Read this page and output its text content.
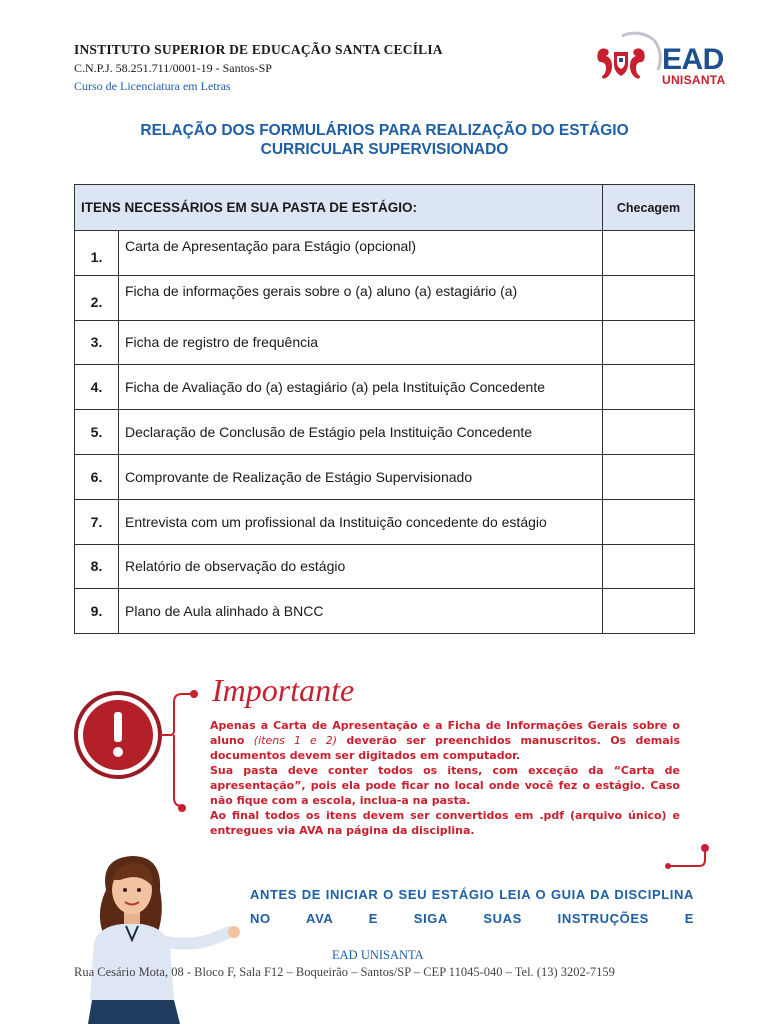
INSTITUTO SUPERIOR DE EDUCAÇÃO SANTA CECÍLIA
C.N.P.J. 58.251.711/0001-19 - Santos-SP
Curso de Licenciatura em Letras
EAD
UNISANTA
RELAÇÃO DOS FORMULÁRIOS PARA REALIZAÇÃO DO ESTÁGIO
CURRICULAR SUPERVISIONADO
ITENS NECESSÁRIOS EM SUA PASTA DE ESTÁGIO:		Checagem
1.	Carta de Apresentação para Estágio (opcional)	
2.	Ficha de informações gerais sobre o (a) aluno (a) estagiário (a)	
3.	Ficha de registro de frequência	
4.	Ficha de Avaliação do (a) estagiário (a) pela Instituição Concedente	
5.	Declaração de Conclusão de Estágio pela Instituição Concedente	
6.	Comprovante de Realização de Estágio Supervisionado	
7.	Entrevista com um profissional da Instituição concedente do estágio	
8.	Relatório de observação do estágio	
9.	Plano de Aula alinhado à BNCC	
Importante
Apenas a Carta de Apresentação e a Ficha de Informações Gerais sobre o aluno (itens 1 e 2) deverão ser preenchidos manuscritos. Os demais documentos devem ser digitados em computador.
Sua pasta deve conter todos os itens, com exceção da “Carta de apresentação”, pois ela pode ficar no local onde você fez o estágio. Caso não fique com a escola, inclua-a na pasta.
Ao final todos os itens devem ser convertidos em .pdf (arquivo único) e entregues via AVA na página da disciplina.
ANTES DE INICIAR O SEU ESTÁGIO LEIA O GUIA DA DISCIPLINA NO AVA E SIGA SUAS INSTRUÇÕES E
EAD UNISANTA
Rua Cesário Mota, 08 - Bloco F, Sala F12 – Boqueirão – Santos/SP – CEP 11045-040 – Tel. (13) 3202-7159
